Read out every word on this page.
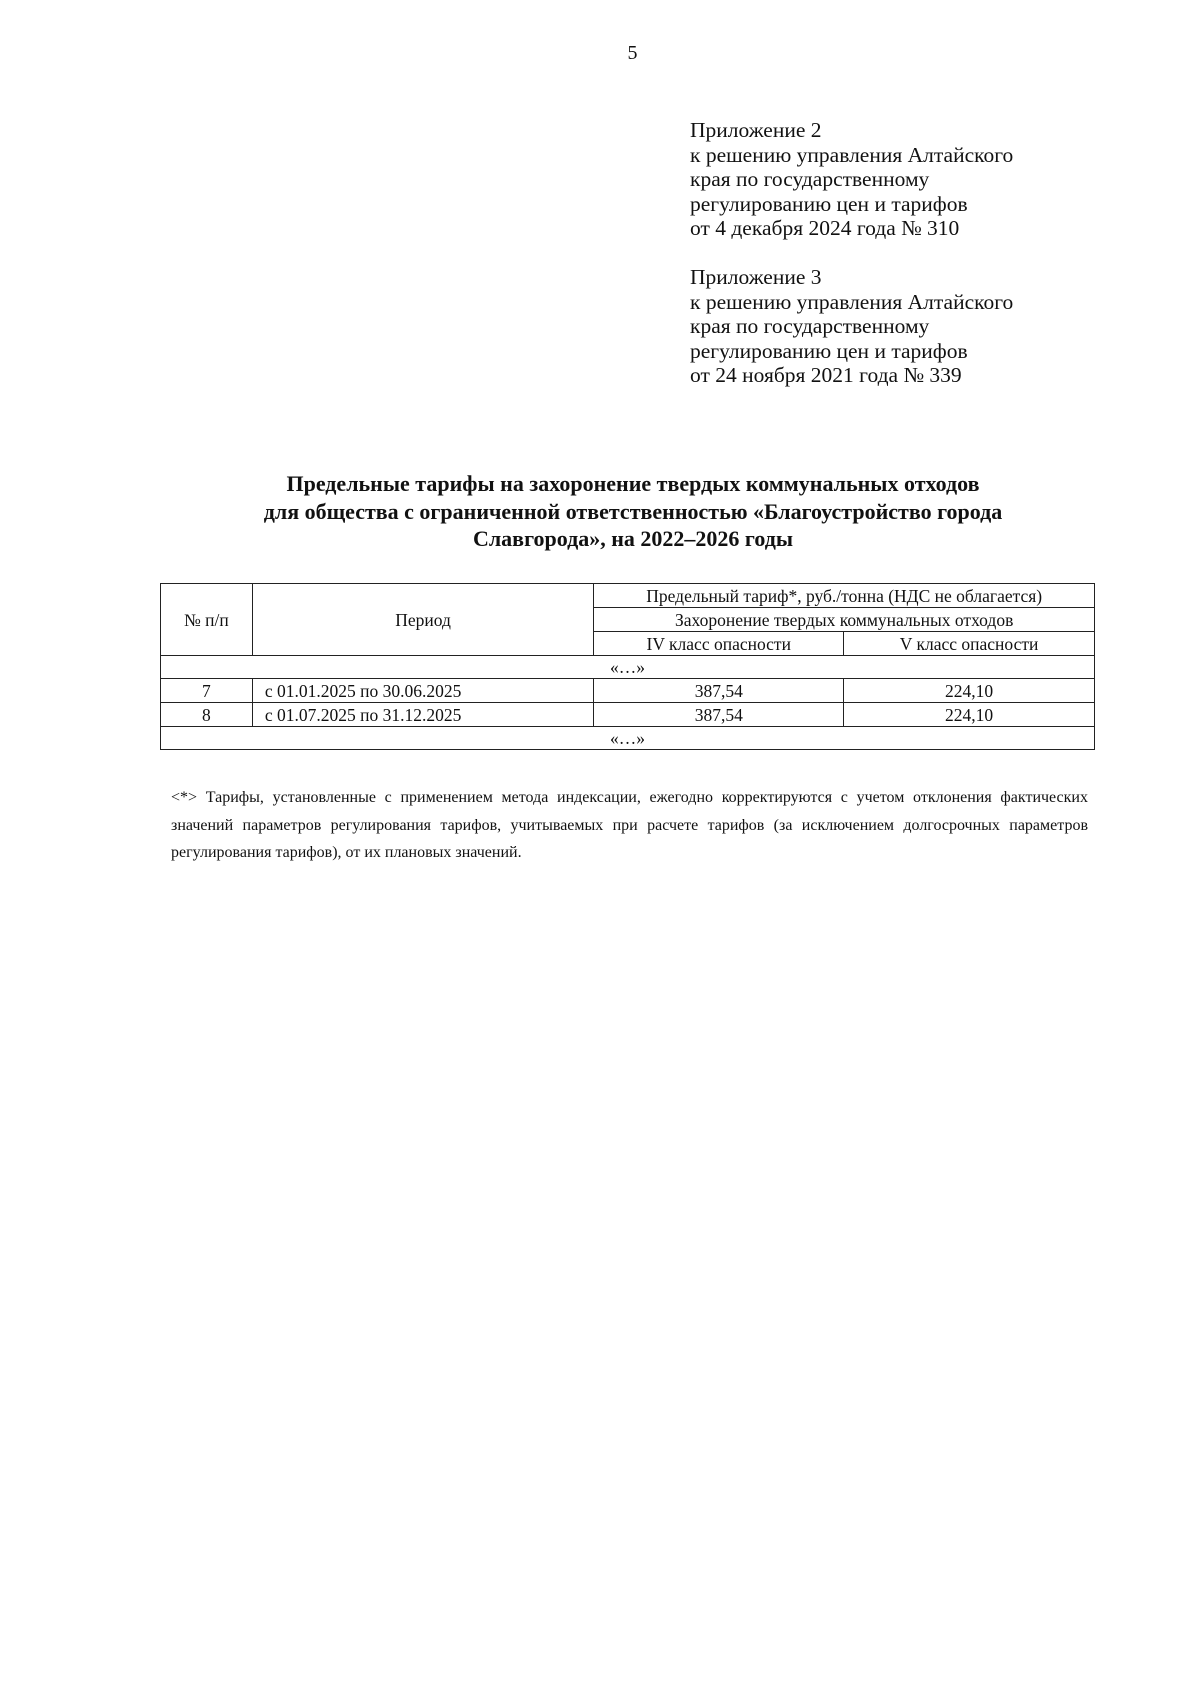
5
Приложение 2
к решению управления Алтайского
края по государственному
регулированию цен и тарифов
от 4 декабря 2024 года № 310
Приложение 3
к решению управления Алтайского
края по государственному
регулированию цен и тарифов
от 24 ноября 2021 года № 339
Предельные тарифы на захоронение твердых коммунальных отходов
для общества с ограниченной ответственностью «Благоустройство города
Славгорода», на 2022–2026 годы
№ п/п	Период	Предельный тариф*, руб./тонна (НДС не облагается)	
		Захоронение твердых коммунальных отходов	
		IV класс опасности	V класс опасности
«…»			
7	с 01.01.2025 по 30.06.2025	387,54	224,10
8	с 01.07.2025 по 31.12.2025	387,54	224,10
«…»			
<*> Тарифы, установленные с применением метода индексации, ежегодно корректируются с учетом отклонения фактических значений параметров регулирования тарифов, учитываемых при расчете тарифов (за исключением долгосрочных параметров регулирования тарифов), от их плановых значений.
